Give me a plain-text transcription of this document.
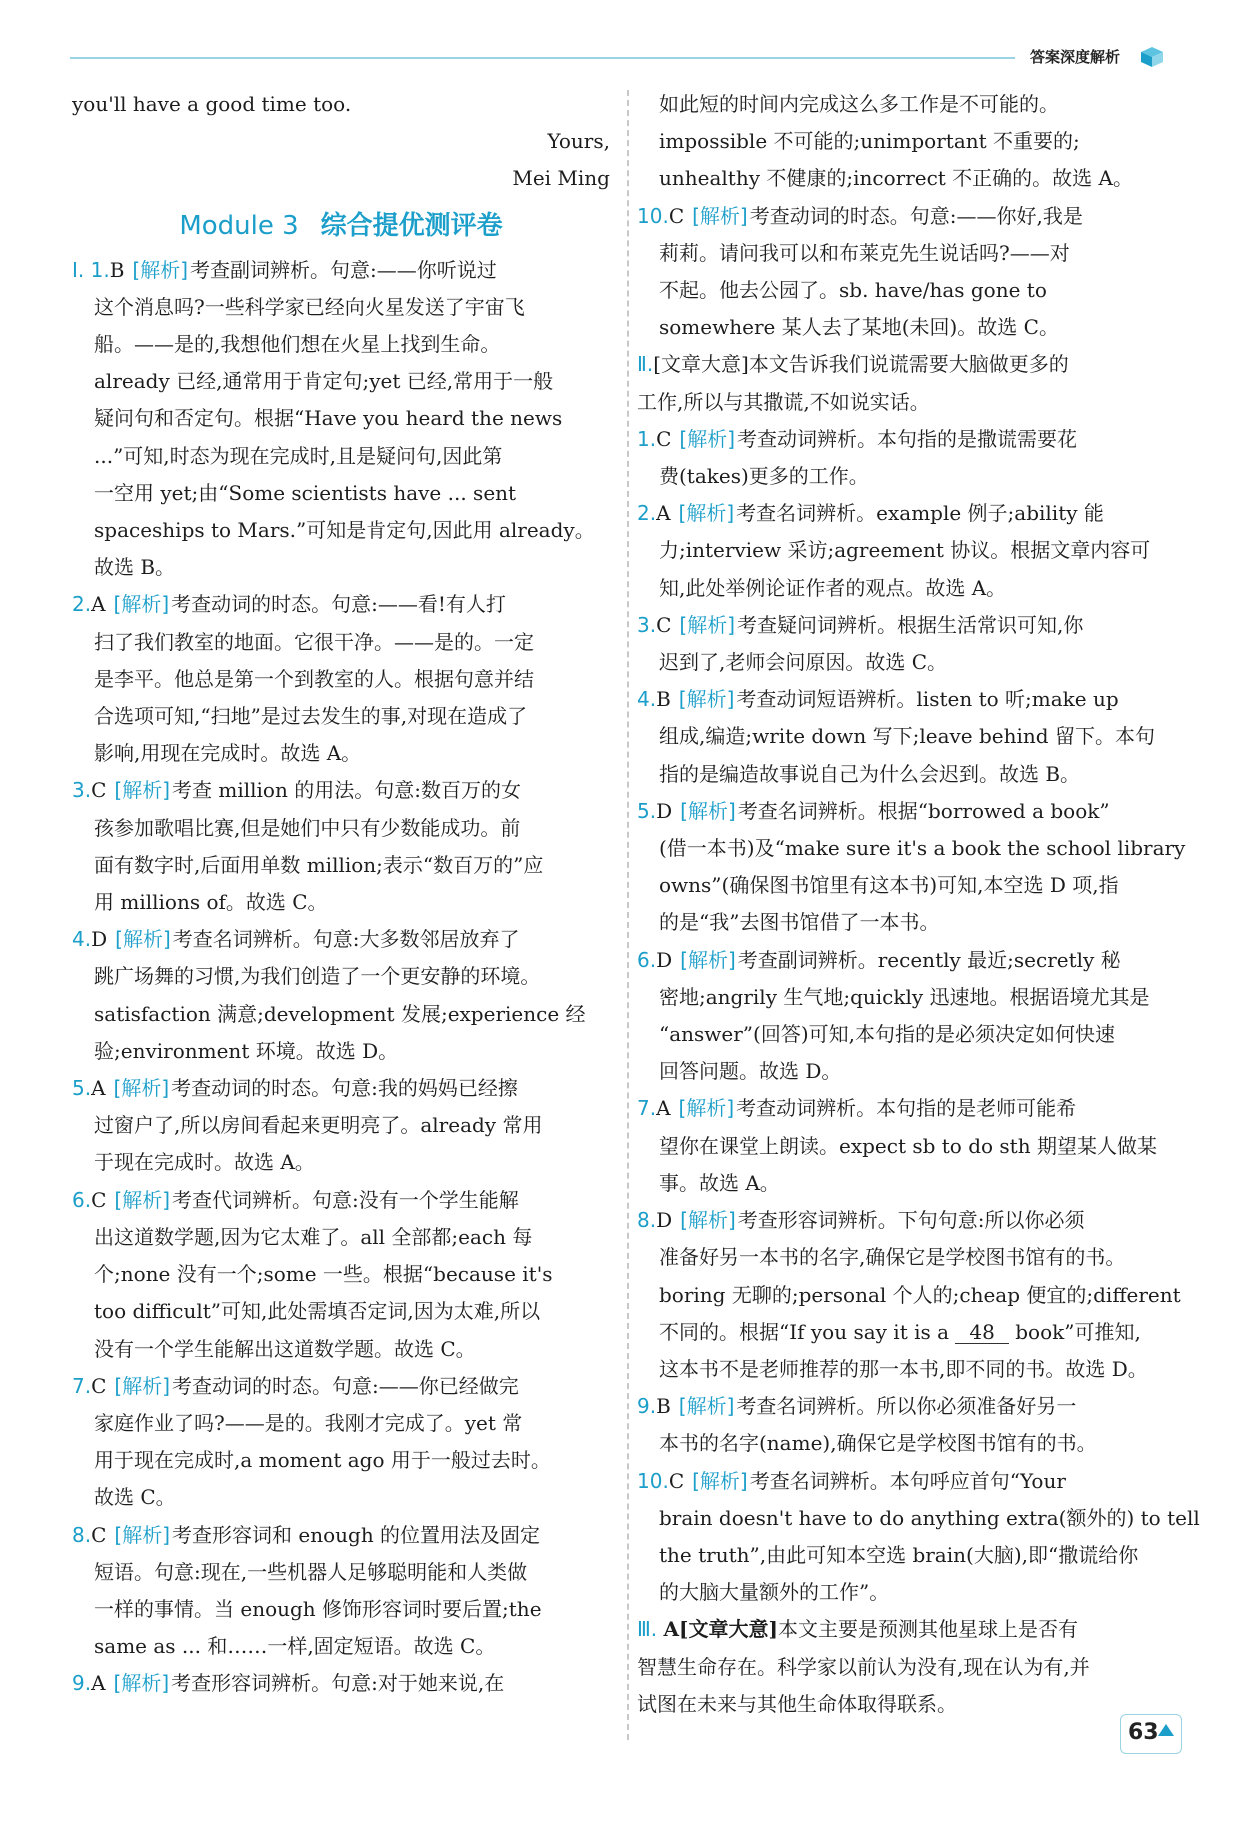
答案深度解析
you'll have a good time too.
Yours,
Mei Ming
Module 3 综合提优测评卷
Ⅰ. 1.B [解析] 考查副词辨析。句意:——你听说过
这个消息吗?一些科学家已经向火星发送了宇宙飞
船。——是的,我想他们想在火星上找到生命。
already 已经,通常用于肯定句;yet 已经,常用于一般
疑问句和否定句。根据“Have you heard the news
...”可知,时态为现在完成时,且是疑问句,因此第
一空用 yet;由“Some scientists have ... sent
spaceships to Mars.”可知是肯定句,因此用 already。
故选 B。
2.A [解析] 考查动词的时态。句意:——看!有人打
扫了我们教室的地面。它很干净。——是的。一定
是李平。他总是第一个到教室的人。根据句意并结
合选项可知,“扫地”是过去发生的事,对现在造成了
影响,用现在完成时。故选 A。
3.C [解析] 考查 million 的用法。句意:数百万的女
孩参加歌唱比赛,但是她们中只有少数能成功。前
面有数字时,后面用单数 million;表示“数百万的”应
用 millions of。故选 C。
4.D [解析] 考查名词辨析。句意:大多数邻居放弃了
跳广场舞的习惯,为我们创造了一个更安静的环境。
satisfaction 满意;development 发展;experience 经
验;environment 环境。故选 D。
5.A [解析] 考查动词的时态。句意:我的妈妈已经擦
过窗户了,所以房间看起来更明亮了。already 常用
于现在完成时。故选 A。
6.C [解析] 考查代词辨析。句意:没有一个学生能解
出这道数学题,因为它太难了。all 全部都;each 每
个;none 没有一个;some 一些。根据“because it's
too difficult”可知,此处需填否定词,因为太难,所以
没有一个学生能解出这道数学题。故选 C。
7.C [解析] 考查动词的时态。句意:——你已经做完
家庭作业了吗?——是的。我刚才完成了。yet 常
用于现在完成时,a moment ago 用于一般过去时。
故选 C。
8.C [解析] 考查形容词和 enough 的位置用法及固定
短语。句意:现在,一些机器人足够聪明能和人类做
一样的事情。当 enough 修饰形容词时要后置;the
same as ... 和……一样,固定短语。故选 C。
9.A [解析] 考查形容词辨析。句意:对于她来说,在
如此短的时间内完成这么多工作是不可能的。
impossible 不可能的;unimportant 不重要的;
unhealthy 不健康的;incorrect 不正确的。故选 A。
10.C [解析] 考查动词的时态。句意:——你好,我是
莉莉。请问我可以和布莱克先生说话吗?——对
不起。他去公园了。sb. have/has gone to
somewhere 某人去了某地(未回)。故选 C。
Ⅱ.[文章大意]本文告诉我们说谎需要大脑做更多的
工作,所以与其撒谎,不如说实话。
1.C [解析] 考查动词辨析。本句指的是撒谎需要花
费(takes)更多的工作。
2.A [解析] 考查名词辨析。example 例子;ability 能
力;interview 采访;agreement 协议。根据文章内容可
知,此处举例论证作者的观点。故选 A。
3.C [解析] 考查疑问词辨析。根据生活常识可知,你
迟到了,老师会问原因。故选 C。
4.B [解析] 考查动词短语辨析。listen to 听;make up
组成,编造;write down 写下;leave behind 留下。本句
指的是编造故事说自己为什么会迟到。故选 B。
5.D [解析] 考查名词辨析。根据“borrowed a book”
(借一本书)及“make sure it's a book the school library
owns”(确保图书馆里有这本书)可知,本空选 D 项,指
的是“我”去图书馆借了一本书。
6.D [解析] 考查副词辨析。recently 最近;secretly 秘
密地;angrily 生气地;quickly 迅速地。根据语境尤其是
“answer”(回答)可知,本句指的是必须决定如何快速
回答问题。故选 D。
7.A [解析] 考查动词辨析。本句指的是老师可能希
望你在课堂上朗读。expect sb to do sth 期望某人做某
事。故选 A。
8.D [解析] 考查形容词辨析。下句句意:所以你必须
准备好另一本书的名字,确保它是学校图书馆有的书。
boring 无聊的;personal 个人的;cheap 便宜的;different
不同的。根据“If you say it is a 48 book”可推知,
这本书不是老师推荐的那一本书,即不同的书。故选 D。
9.B [解析] 考查名词辨析。所以你必须准备好另一
本书的名字(name),确保它是学校图书馆有的书。
10.C [解析] 考查名词辨析。本句呼应首句“Your
brain doesn't have to do anything extra(额外的) to tell
the truth”,由此可知本空选 brain(大脑),即“撒谎给你
的大脑大量额外的工作”。
Ⅲ. A[文章大意]本文主要是预测其他星球上是否有
智慧生命存在。科学家以前认为没有,现在认为有,并
试图在未来与其他生命体取得联系。
63
